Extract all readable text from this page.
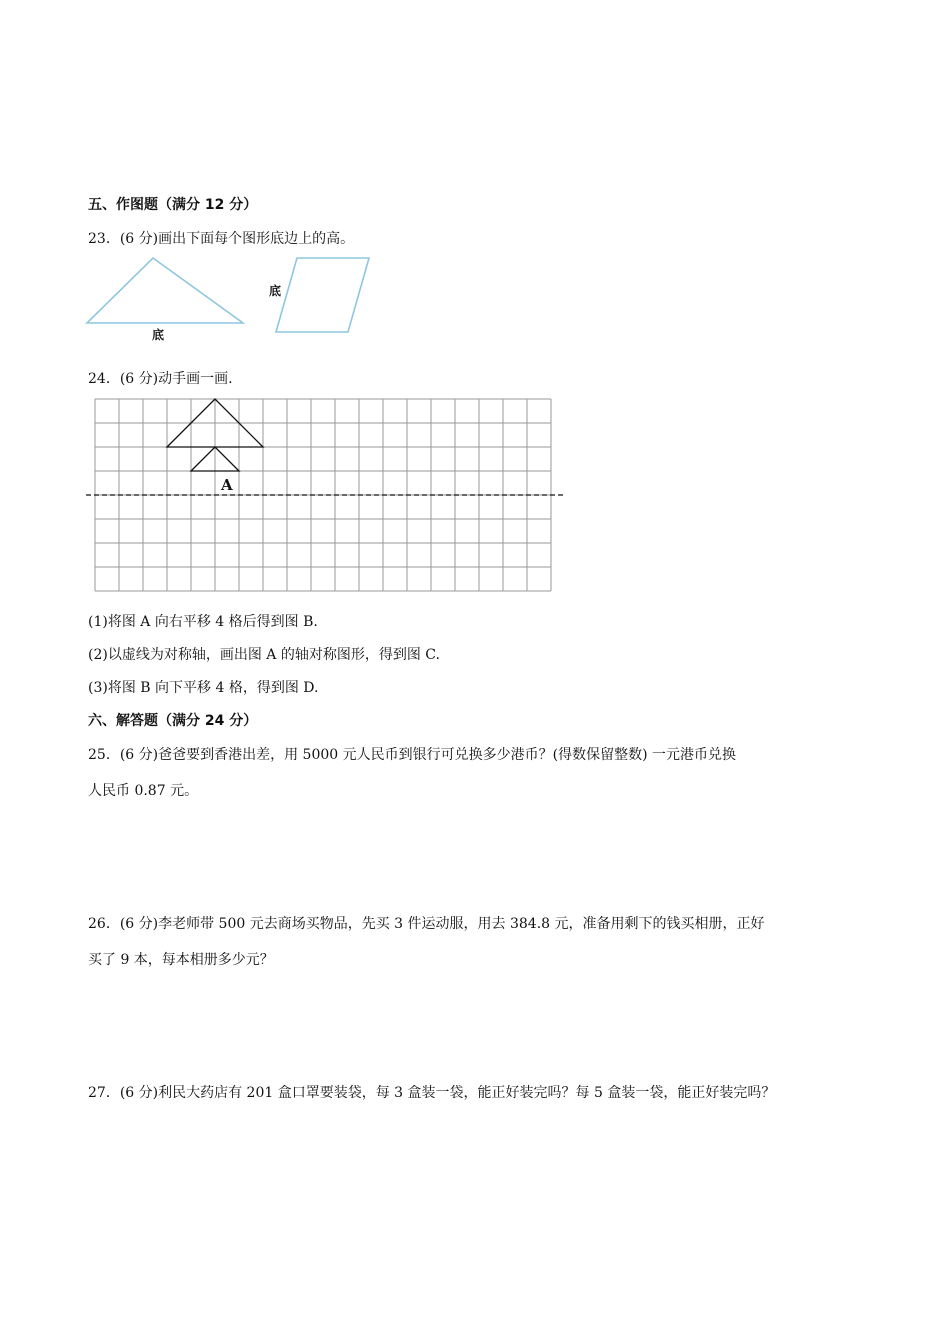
五、作图题（满分 12 分）
23．(6 分)画出下面每个图形底边上的高。
底
底
24．(6 分)动手画一画.
A
(1)将图 A 向右平移 4 格后得到图 B.
(2)以虚线为对称轴，画出图 A 的轴对称图形，得到图 C.
(3)将图 B 向下平移 4 格，得到图 D.
六、解答题（满分 24 分）
25．(6 分)爸爸要到香港出差，用 5000 元人民币到银行可兑换多少港币？(得数保留整数) 一元港币兑换
人民币 0.87 元。
26．(6 分)李老师带 500 元去商场买物品，先买 3 件运动服，用去 384.8 元，准备用剩下的钱买相册，正好
买了 9 本，每本相册多少元？
27．(6 分)利民大药店有 201 盒口罩要装袋，每 3 盒装一袋，能正好装完吗？每 5 盒装一袋，能正好装完吗？
